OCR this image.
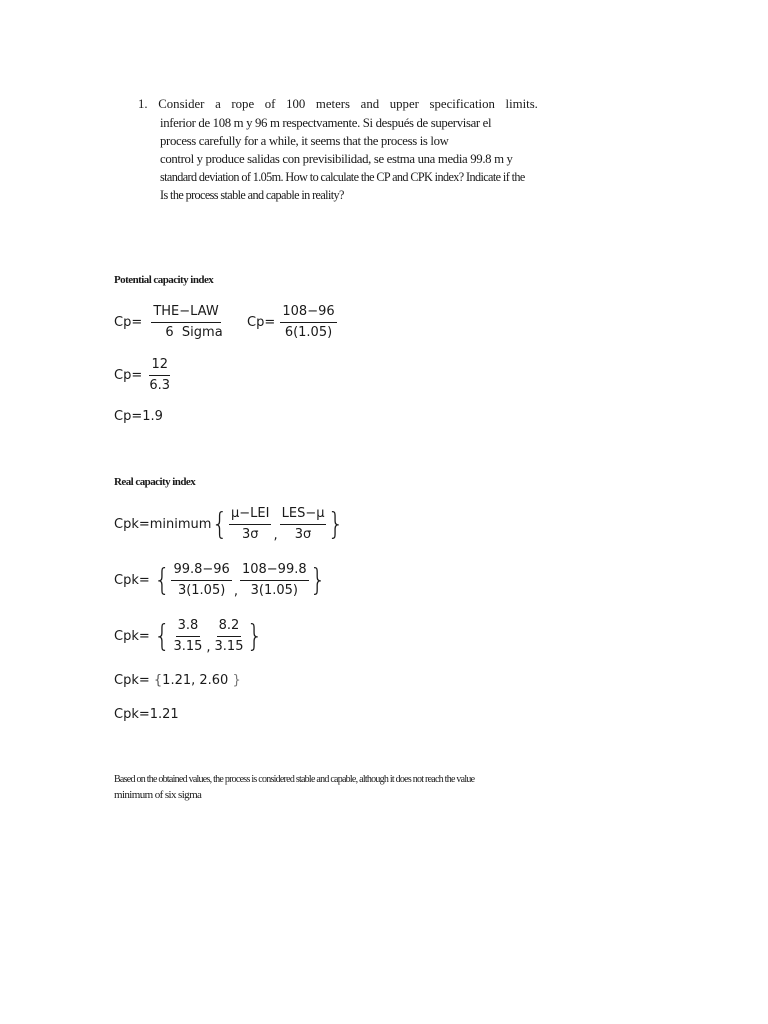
1. Consider a rope of 100 meters and upper specification limits.
inferior de 108 m y 96 m respectvamente. Si después de supervisar el
process carefully for a while, it seems that the process is low
control y produce salidas con previsibilidad, se estma una media 99.8 m y
standard deviation of 1.05m. How to calculate the CP and CPK index? Indicate if the
Is the process stable and capable in reality?
Potential capacity index
$Cp= \frac{\text{THE−LAW}}{\text{6  Sigma}} Cp= \frac{108-96}{6(1.05)}$
$Cp= \frac{12}{6.3}$
Cp=1.9
Real capacity index
Cpk=minimum{ $\frac{\text{μ−LEI}}{3\sigma}$ , $\frac{\text{LES−μ}}{3\sigma}$ }
Cpk= { $\frac{99.8-96}{3(1.05)}$ , $\frac{108-99.8}{3(1.05)}$ }
Cpk= { $\frac{3.8}{3.15}$ , $\frac{8.2}{3.15}$ }
Cpk= {1.21, 2.60 }
Cpk=1.21
Based on the obtained values, the process is considered stable and capable, although it does not reach the value
minimum of six sigma
